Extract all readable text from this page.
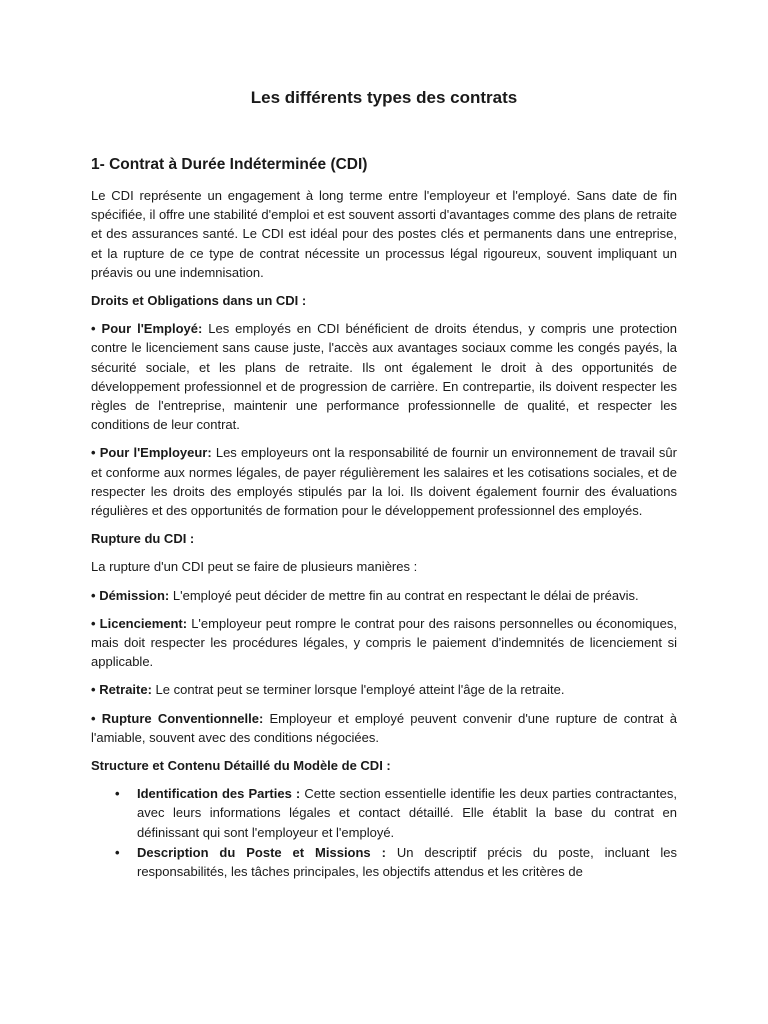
Les différents types des contrats
1- Contrat à Durée Indéterminée (CDI)

Le CDI représente un engagement à long terme entre l'employeur et l'employé. Sans date de fin spécifiée, il offre une stabilité d'emploi et est souvent assorti d'avantages comme des plans de retraite et des assurances santé. Le CDI est idéal pour des postes clés et permanents dans une entreprise, et la rupture de ce type de contrat nécessite un processus légal rigoureux, souvent impliquant un préavis ou une indemnisation.

Droits et Obligations dans un CDI :

• Pour l'Employé: Les employés en CDI bénéficient de droits étendus, y compris une protection contre le licenciement sans cause juste, l'accès aux avantages sociaux comme les congés payés, la sécurité sociale, et les plans de retraite. Ils ont également le droit à des opportunités de développement professionnel et de progression de carrière. En contrepartie, ils doivent respecter les règles de l'entreprise, maintenir une performance professionnelle de qualité, et respecter les conditions de leur contrat.

• Pour l'Employeur: Les employeurs ont la responsabilité de fournir un environnement de travail sûr et conforme aux normes légales, de payer régulièrement les salaires et les cotisations sociales, et de respecter les droits des employés stipulés par la loi. Ils doivent également fournir des évaluations régulières et des opportunités de formation pour le développement professionnel des employés.

Rupture du CDI :

La rupture d'un CDI peut se faire de plusieurs manières :

• Démission: L'employé peut décider de mettre fin au contrat en respectant le délai de préavis.

• Licenciement: L'employeur peut rompre le contrat pour des raisons personnelles ou économiques, mais doit respecter les procédures légales, y compris le paiement d'indemnités de licenciement si applicable.

• Retraite: Le contrat peut se terminer lorsque l'employé atteint l'âge de la retraite.

• Rupture Conventionnelle: Employeur et employé peuvent convenir d'une rupture de contrat à l'amiable, souvent avec des conditions négociées.

Structure et Contenu Détaillé du Modèle de CDI :
• Identification des Parties : Cette section essentielle identifie les deux parties contractantes, avec leurs informations légales et contact détaillé. Elle établit la base du contrat en définissant qui sont l'employeur et l'employé.
• Description du Poste et Missions : Un descriptif précis du poste, incluant les responsabilités, les tâches principales, les objectifs attendus et les critères de
